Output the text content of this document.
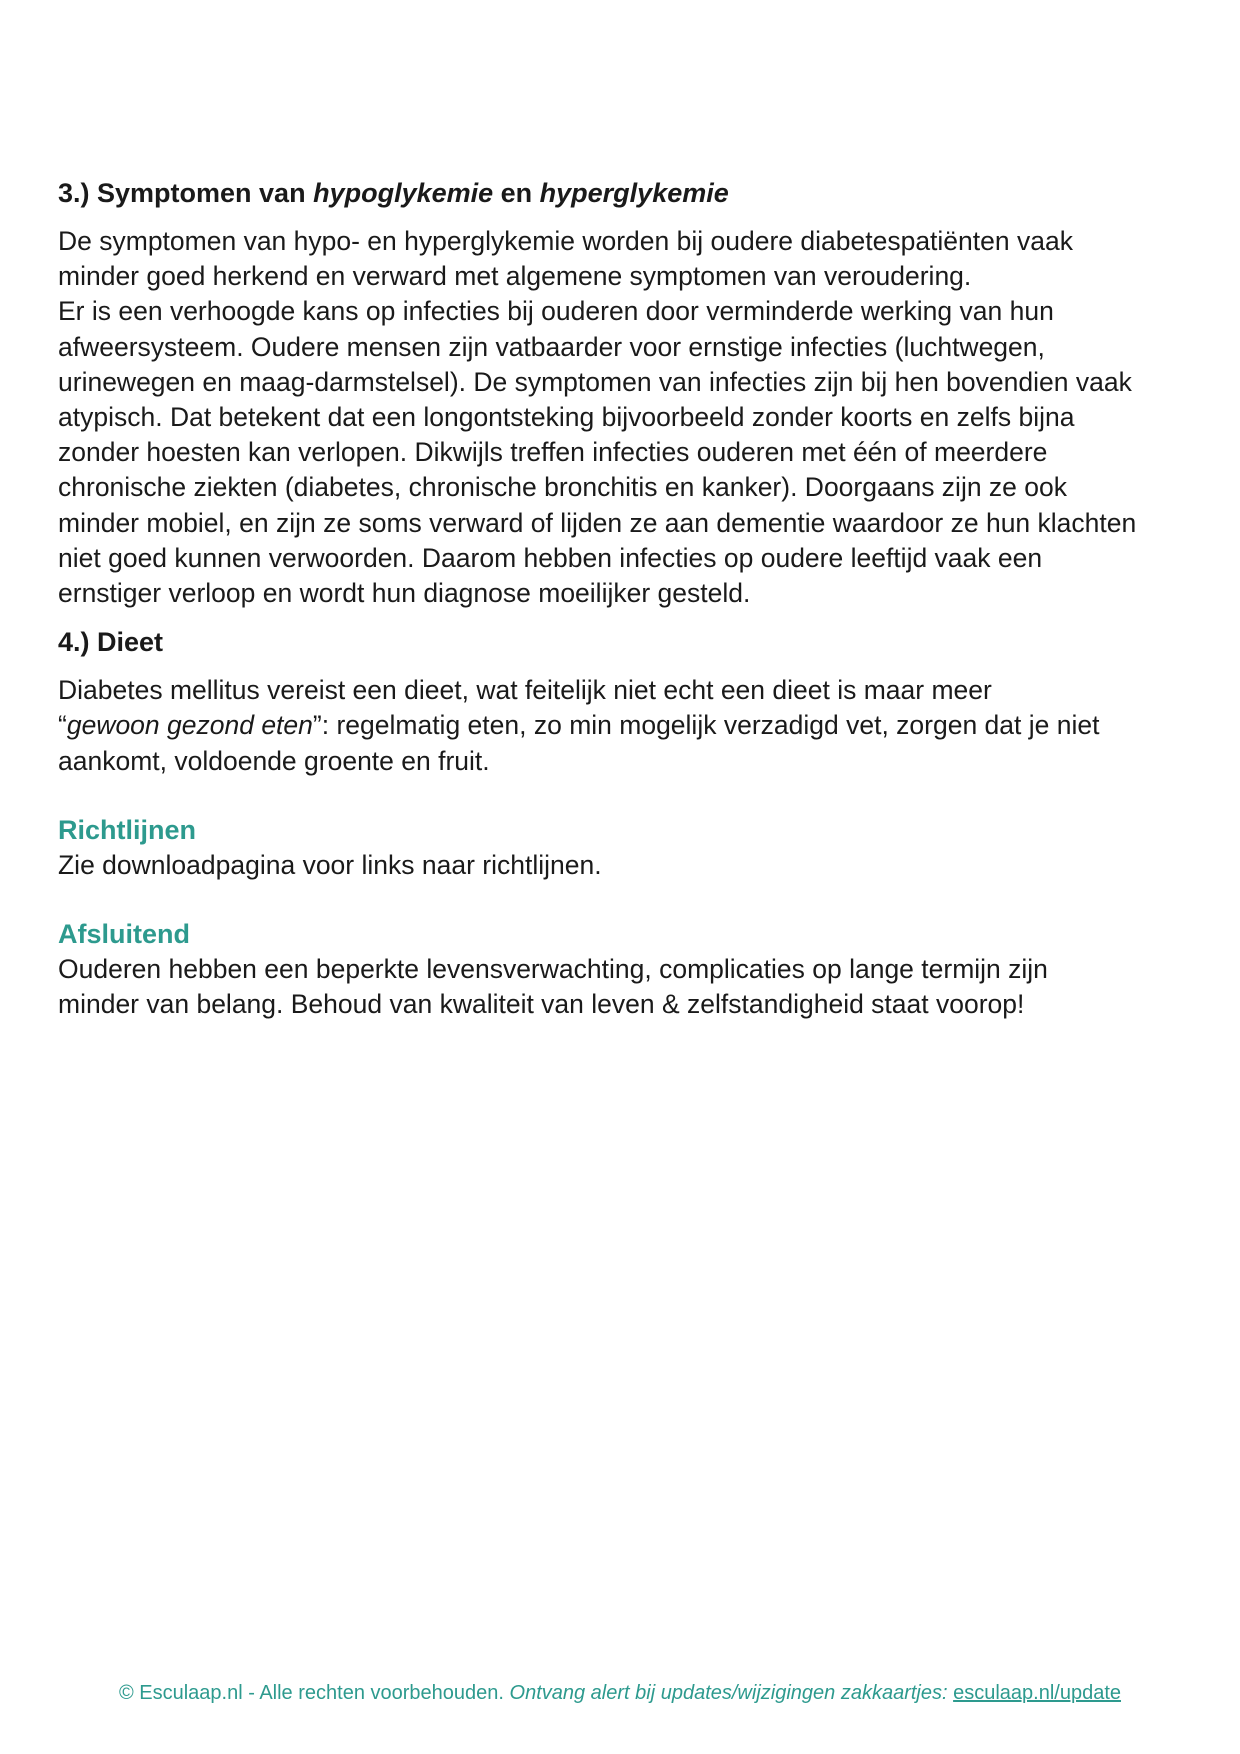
3.) Symptomen van hypoglykemie en hyperglykemie

De symptomen van hypo- en hyperglykemie worden bij oudere diabetespatiënten vaak
minder goed herkend en verward met algemene symptomen van veroudering.
Er is een verhoogde kans op infecties bij ouderen door verminderde werking van hun
afweersysteem. Oudere mensen zijn vatbaarder voor ernstige infecties (luchtwegen,
urinewegen en maag-darmstelsel). De symptomen van infecties zijn bij hen bovendien vaak
atypisch. Dat betekent dat een longontsteking bijvoorbeeld zonder koorts en zelfs bijna
zonder hoesten kan verlopen. Dikwijls treffen infecties ouderen met één of meerdere
chronische ziekten (diabetes, chronische bronchitis en kanker). Doorgaans zijn ze ook
minder mobiel, en zijn ze soms verward of lijden ze aan dementie waardoor ze hun klachten
niet goed kunnen verwoorden. Daarom hebben infecties op oudere leeftijd vaak een
ernstiger verloop en wordt hun diagnose moeilijker gesteld.

4.) Dieet

Diabetes mellitus vereist een dieet, wat feitelijk niet echt een dieet is maar meer
“gewoon gezond eten”: regelmatig eten, zo min mogelijk verzadigd vet, zorgen dat je niet
aankomt, voldoende groente en fruit.

Richtlijnen

Zie downloadpagina voor links naar richtlijnen.

Afsluitend

Ouderen hebben een beperkte levensverwachting, complicaties op lange termijn zijn
minder van belang. Behoud van kwaliteit van leven & zelfstandigheid staat voorop!

© Esculaap.nl - Alle rechten voorbehouden. Ontvang alert bij updates/wijzigingen zakkaartjes: esculaap.nl/update
